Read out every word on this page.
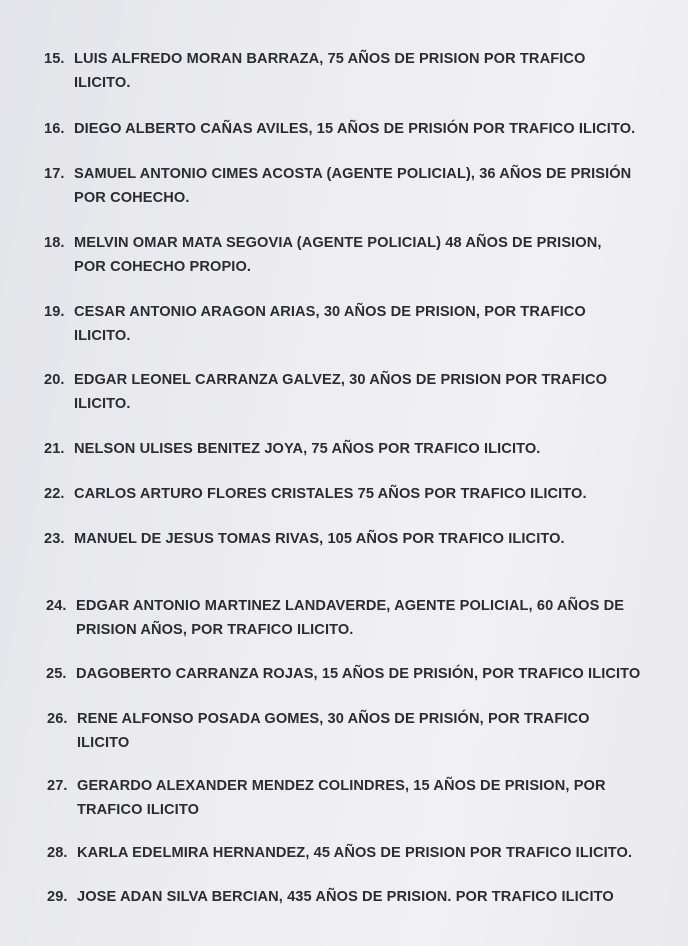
15. LUIS ALFREDO MORAN BARRAZA, 75 AÑOS DE PRISION POR TRAFICO
ILICITO.
16. DIEGO ALBERTO CAÑAS AVILES, 15 AÑOS DE PRISIÓN POR TRAFICO ILICITO.
17. SAMUEL ANTONIO CIMES ACOSTA (AGENTE POLICIAL), 36 AÑOS DE PRISIÓN
POR COHECHO.
18. MELVIN OMAR MATA SEGOVIA (AGENTE POLICIAL) 48 AÑOS DE PRISION,
POR COHECHO PROPIO.
19. CESAR ANTONIO ARAGON ARIAS, 30 AÑOS DE PRISION, POR TRAFICO
ILICITO.
20. EDGAR LEONEL CARRANZA GALVEZ, 30 AÑOS DE PRISION POR TRAFICO
ILICITO.
21. NELSON ULISES BENITEZ JOYA, 75 AÑOS POR TRAFICO ILICITO.
22. CARLOS ARTURO FLORES CRISTALES 75 AÑOS POR TRAFICO ILICITO.
23. MANUEL DE JESUS TOMAS RIVAS, 105 AÑOS POR TRAFICO ILICITO.
24. EDGAR ANTONIO MARTINEZ LANDAVERDE, AGENTE POLICIAL, 60 AÑOS DE
PRISION AÑOS, POR TRAFICO ILICITO.
25. DAGOBERTO CARRANZA ROJAS, 15 AÑOS DE PRISIÓN, POR TRAFICO ILICITO
26. RENE ALFONSO POSADA GOMES, 30 AÑOS DE PRISIÓN, POR TRAFICO
ILICITO
27. GERARDO ALEXANDER MENDEZ COLINDRES, 15 AÑOS DE PRISION, POR
TRAFICO ILICITO
28. KARLA EDELMIRA HERNANDEZ, 45 AÑOS DE PRISION POR TRAFICO ILICITO.
29. JOSE ADAN SILVA BERCIAN, 435 AÑOS DE PRISION. POR TRAFICO ILICITO
